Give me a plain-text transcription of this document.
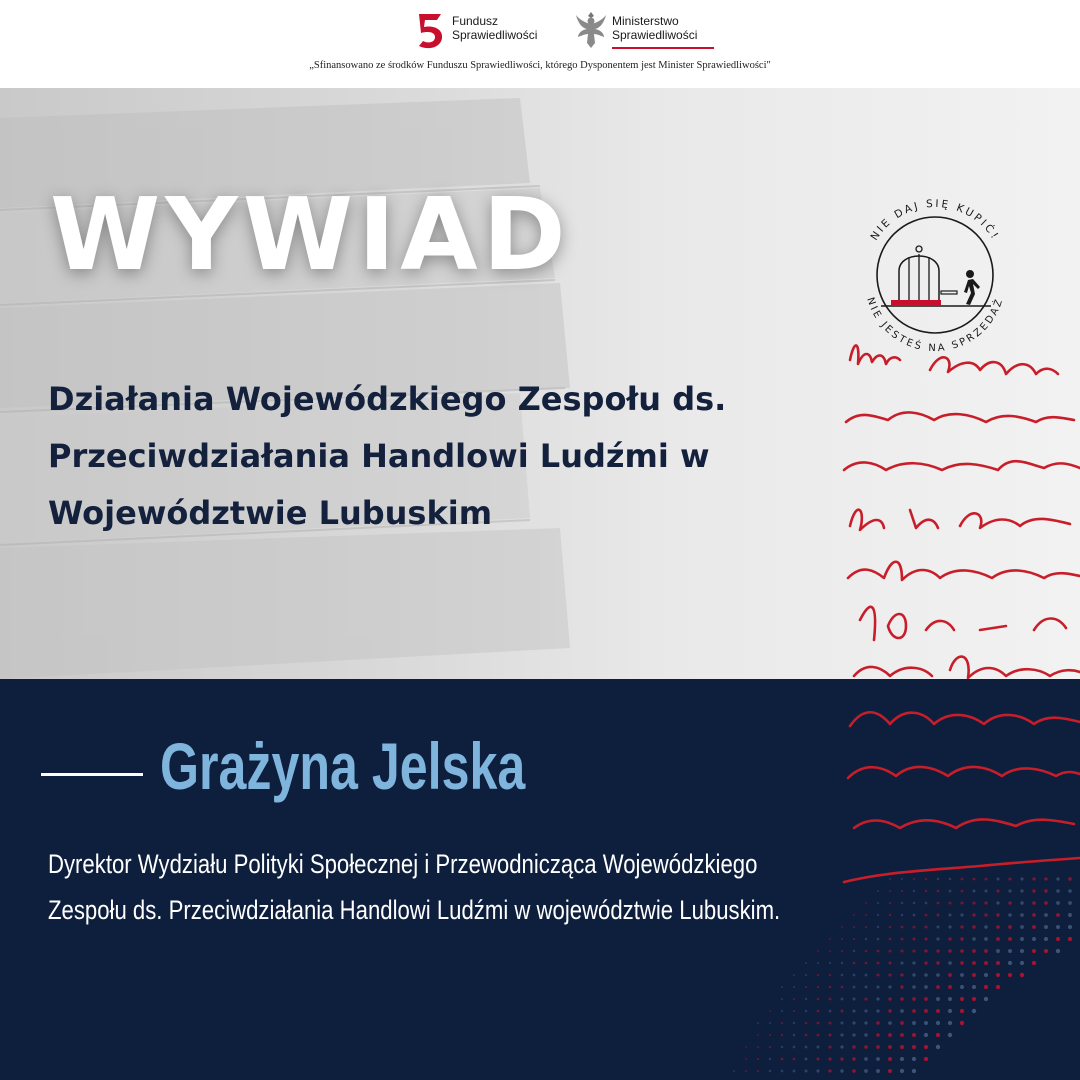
Fundusz
Sprawiedliwości
Ministerstwo
Sprawiedliwości
„Sfinansowano ze środków Funduszu Sprawiedliwości, którego Dysponentem jest Minister Sprawiedliwości"
WYWIAD
Działania Wojewódzkiego Zespołu ds. Przeciwdziałania Handlowi Ludźmi w Województwie Lubuskim
NIE DAJ SIĘ KUPIĆ!
NIE JESTEŚ NA SPRZEDAŻ
Grażyna Jelska

Dyrektor Wydziału Polityki Społecznej i Przewodnicząca Wojewódzkiego Zespołu ds. Przeciwdziałania Handlowi Ludźmi w województwie Lubuskim.
